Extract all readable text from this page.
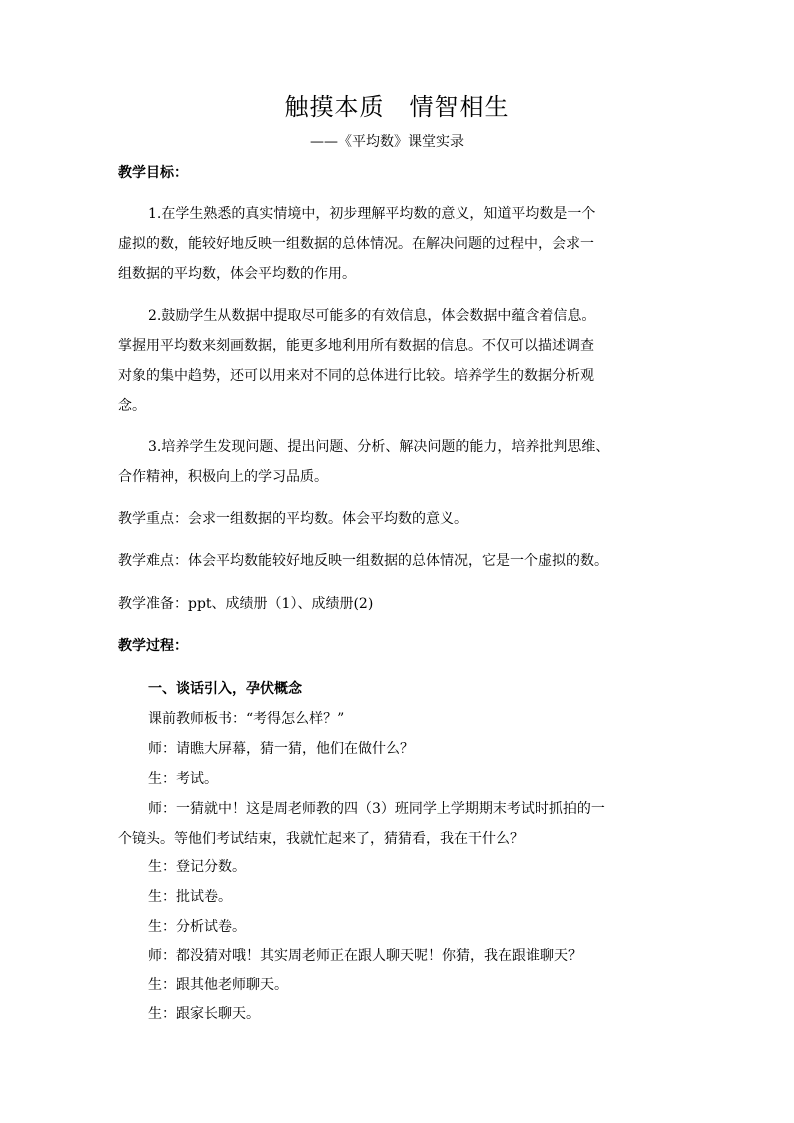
触摸本质　情智相生
——《平均数》课堂实录
教学目标：
1.在学生熟悉的真实情境中，初步理解平均数的意义，知道平均数是一个
虚拟的数，能较好地反映一组数据的总体情况。在解决问题的过程中，会求一
组数据的平均数，体会平均数的作用。
2.鼓励学生从数据中提取尽可能多的有效信息，体会数据中蕴含着信息。
掌握用平均数来刻画数据，能更多地利用所有数据的信息。不仅可以描述调查
对象的集中趋势，还可以用来对不同的总体进行比较。培养学生的数据分析观
念。
3.培养学生发现问题、提出问题、分析、解决问题的能力，培养批判思维、
合作精神，积极向上的学习品质。
教学重点：会求一组数据的平均数。体会平均数的意义。
教学难点：体会平均数能较好地反映一组数据的总体情况，它是一个虚拟的数。
教学准备：ppt、成绩册（1）、成绩册(2)
教学过程：
一、谈话引入，孕伏概念
课前教师板书：“考得怎么样？”
师：请瞧大屏幕，猜一猜，他们在做什么？
生：考试。
师：一猜就中！这是周老师教的四（3）班同学上学期期末考试时抓拍的一
个镜头。等他们考试结束，我就忙起来了，猜猜看，我在干什么？
生：登记分数。
生：批试卷。
生：分析试卷。
师：都没猜对哦！其实周老师正在跟人聊天呢！你猜，我在跟谁聊天？
生：跟其他老师聊天。
生：跟家长聊天。
